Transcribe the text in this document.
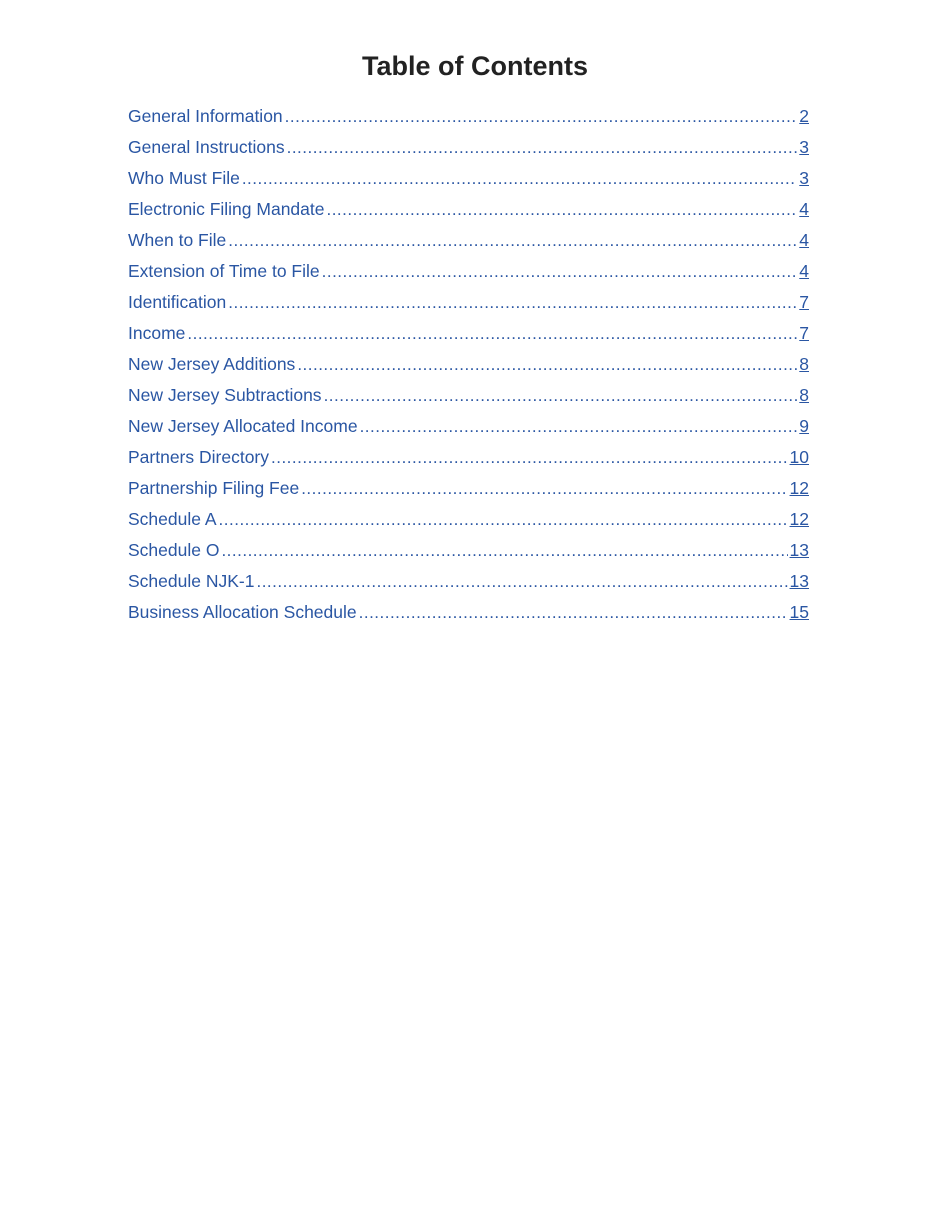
Table of Contents
General Information .....	2
General Instructions .....	3
Who Must File .....	3
Electronic Filing Mandate .....	4
When to File .....	4
Extension of Time to File .....	4
Identification .....	7
Income .....	7
New Jersey Additions .....	8
New Jersey Subtractions .....	8
New Jersey Allocated Income .....	9
Partners Directory .....	10
Partnership Filing Fee .....	12
Schedule A .....	12
Schedule O .....	13
Schedule NJK-1 .....	13
Business Allocation Schedule .....	15
